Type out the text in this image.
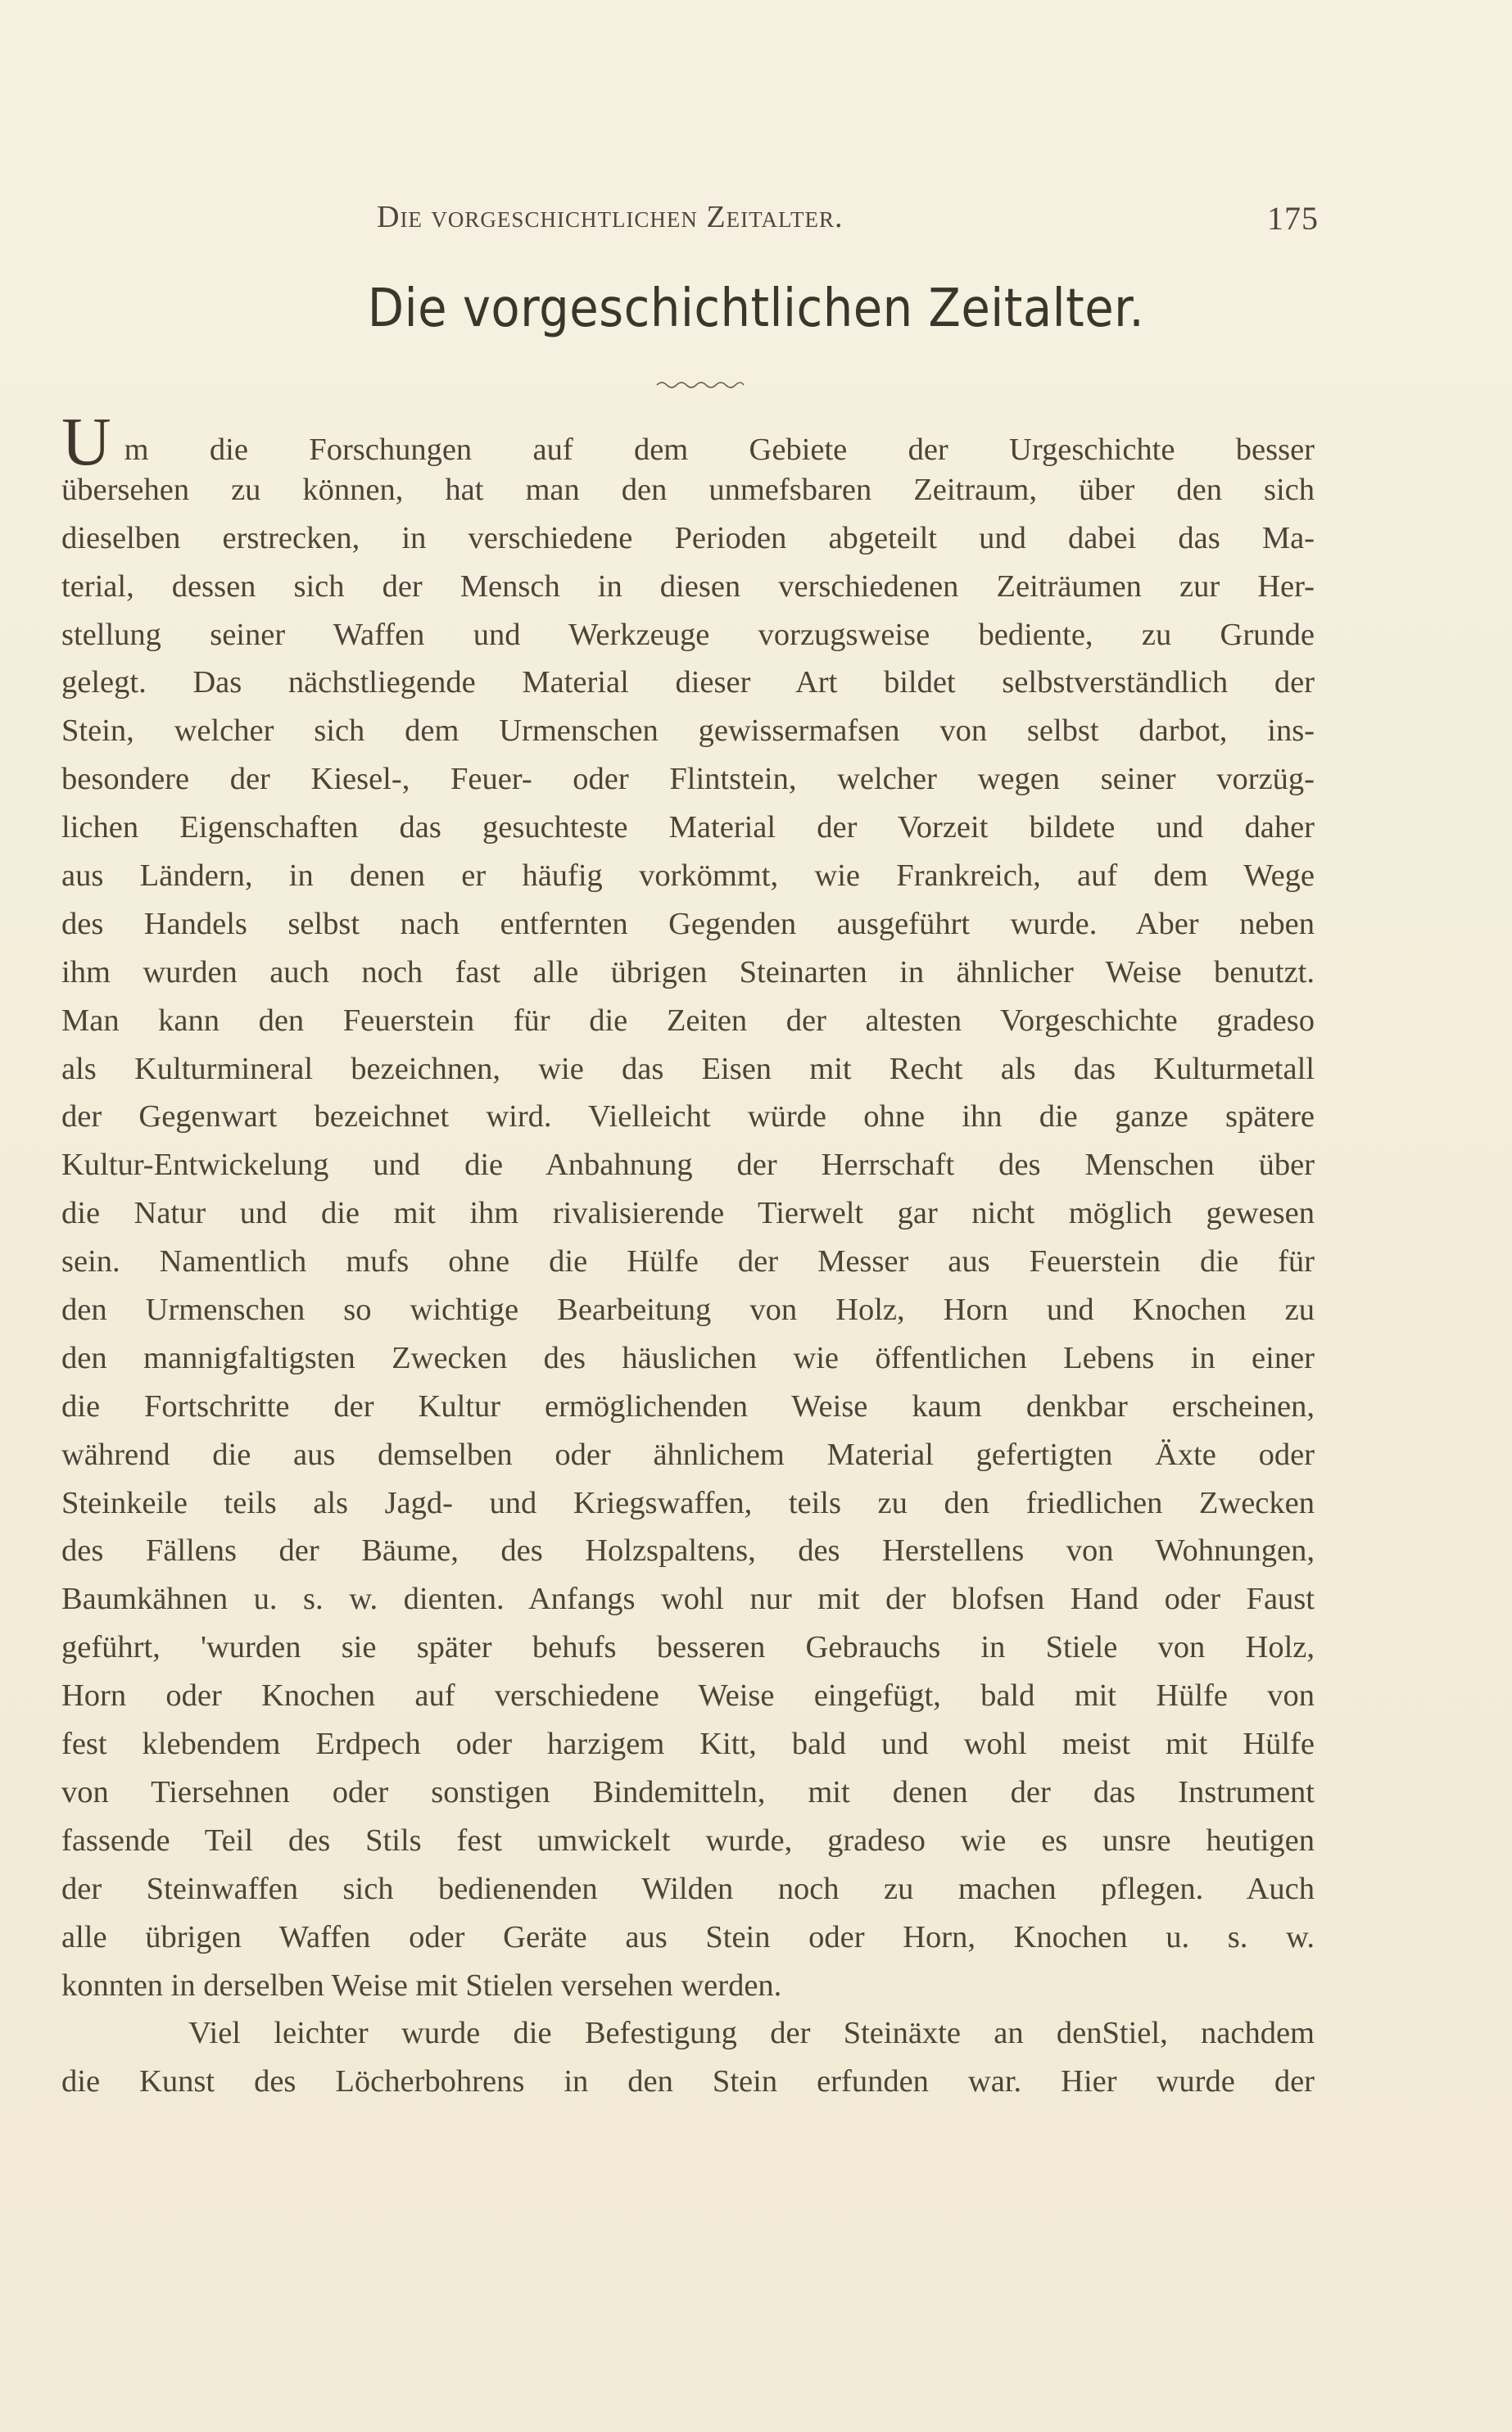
Die vorgeschichtlichen Zeitalter.	175
Die vorgeschichtlichen Zeitalter.
Um die Forschungen auf dem Gebiete der Urgeschichte besser
übersehen zu können, hat man den unmefsbaren Zeitraum, über den sich
dieselben erstrecken, in verschiedene Perioden abgeteilt und dabei das Ma-
terial, dessen sich der Mensch in diesen verschiedenen Zeiträumen zur Her-
stellung seiner Waffen und Werkzeuge vorzugsweise bediente, zu Grunde
gelegt. Das nächstliegende Material dieser Art bildet selbstverständlich der
Stein, welcher sich dem Urmenschen gewissermafsen von selbst darbot, ins-
besondere der Kiesel-, Feuer- oder Flintstein, welcher wegen seiner vorzüg-
lichen Eigenschaften das gesuchteste Material der Vorzeit bildete und daher
aus Ländern, in denen er häufig vorkömmt, wie Frankreich, auf dem Wege
des Handels selbst nach entfernten Gegenden ausgeführt wurde. Aber neben
ihm wurden auch noch fast alle übrigen Steinarten in ähnlicher Weise benutzt.
Man kann den Feuerstein für die Zeiten der altesten Vorgeschichte gradeso
als Kulturmineral bezeichnen, wie das Eisen mit Recht als das Kulturmetall
der Gegenwart bezeichnet wird. Vielleicht würde ohne ihn die ganze spätere
Kultur-Entwickelung und die Anbahnung der Herrschaft des Menschen über
die Natur und die mit ihm rivalisierende Tierwelt gar nicht möglich gewesen
sein. Namentlich mufs ohne die Hülfe der Messer aus Feuerstein die für
den Urmenschen so wichtige Bearbeitung von Holz, Horn und Knochen zu
den mannigfaltigsten Zwecken des häuslichen wie öffentlichen Lebens in einer
die Fortschritte der Kultur ermöglichenden Weise kaum denkbar erscheinen,
während die aus demselben oder ähnlichem Material gefertigten Äxte oder
Steinkeile teils als Jagd- und Kriegswaffen, teils zu den friedlichen Zwecken
des Fällens der Bäume, des Holzspaltens, des Herstellens von Wohnungen,
Baumkähnen u. s. w. dienten. Anfangs wohl nur mit der blofsen Hand oder Faust
geführt, 'wurden sie später behufs besseren Gebrauchs in Stiele von Holz,
Horn oder Knochen auf verschiedene Weise eingefügt, bald mit Hülfe von
fest klebendem Erdpech oder harzigem Kitt, bald und wohl meist mit Hülfe
von Tiersehnen oder sonstigen Bindemitteln, mit denen der das Instrument
fassende Teil des Stils fest umwickelt wurde, gradeso wie es unsre heutigen
der Steinwaffen sich bedienenden Wilden noch zu machen pflegen. Auch
alle übrigen Waffen oder Geräte aus Stein oder Horn, Knochen u. s. w.
konnten in derselben Weise mit Stielen versehen werden.
Viel leichter wurde die Befestigung der Steinäxte an denStiel, nachdem
die Kunst des Löcherbohrens in den Stein erfunden war. Hier wurde der
